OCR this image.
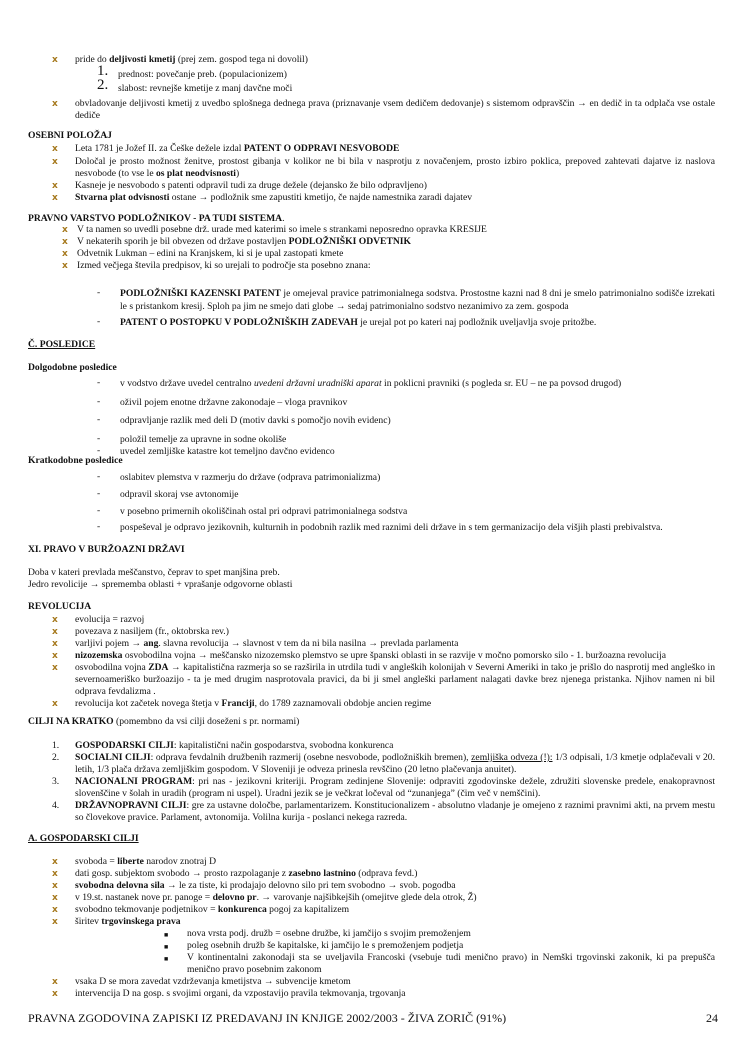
x pride do deljivosti kmetij (prej zem. gospod tega ni dovolil)
1. prednost: povečanje preb. (populacionizem)
2. slabost: revnejše kmetije z manj davčne moči
x obvladovanje deljivosti kmetij z uvedbo splošnega dednega prava (priznavanje vsem dedičem dedovanje) s sistemom odpravščin → en dedič in ta odplača vse ostale dediče
OSEBNI POLOŽAJ
x Leta 1781 je Jožef II. za Češke dežele izdal PATENT O ODPRAVI NESVOBODE
x Določal je prosto možnost ženitve, prostost gibanja v kolikor ne bi bila v nasprotju z novačenjem, prosto izbiro poklica, prepoved zahtevati dajatve iz naslova nesvobode (to vse le os plat neodvisnosti)
x Kasneje je nesvobodo s patenti odpravil tudi za druge dežele (dejansko že bilo odpravljeno)
x Stvarna plat odvisnosti ostane → podložnik sme zapustiti kmetijo, če najde namestnika zaradi dajatev
PRAVNO VARSTVO PODLOŽNIKOV - PA TUDI SISTEMA.
x V ta namen so uvedli posebne drž. urade med katerimi so imele s strankami neposredno opravka KRESIJE
x V nekaterih sporih je bil obvezen od države postavljen PODLOŽNIŠKI ODVETNIK
x Odvetnik Lukman – edini na Kranjskem, ki si je upal zastopati kmete
x Izmed večjega števila predpisov, ki so urejali to področje sta posebno znana:
- PODLOŽNIŠKI KAZENSKI PATENT je omejeval pravice patrimonialnega sodstva. Prostostne kazni nad 8 dni je smelo patrimonialno sodišče izrekati le s pristankom kresij. Sploh pa jim ne smejo dati globe → sedaj patrimonialno sodstvo nezanimivo za zem. gospoda
- PATENT O POSTOPKU V PODLOŽNIŠKIH ZADEVAH je urejal pot po kateri naj podložnik uveljavlja svoje pritožbe.
Č. POSLEDICE
Dolgodobne posledice
- v vodstvo države uvedel centralno uvedeni državni uradniški aparat in poklicni pravniki (s pogleda sr. EU – ne pa povsod drugod)
- oživil pojem enotne državne zakonodaje – vloga pravnikov
- odpravljanje razlik med deli D (motiv davki s pomočjo novih evidenc)
- položil temelje za upravne in sodne okoliše
- uvedel zemljiške katastre kot temeljno davčno evidenco
Kratkodobne posledice
- oslabitev plemstva v razmerju do države (odprava patrimonializma)
- odpravil skoraj vse avtonomije
- v posebno primernih okoliščinah ostal pri odpravi patrimonialnega sodstva
- pospeševal je odpravo jezikovnih, kulturnih in podobnih razlik med raznimi deli države in s tem germanizacijo dela višjih plasti prebivalstva.
XI. PRAVO V BURŽOAZNI DRŽAVI
Doba v kateri prevlada meščanstvo, čeprav to spet manjšina preb.
Jedro revolicije → sprememba oblasti + vprašanje odgovorne oblasti
REVOLUCIJA
x evolucija = razvoj
x povezava z nasiljem (fr., oktobrska rev.)
x varljivi pojem → ang. slavna revolucija → slavnost v tem da ni bila nasilna → prevlada parlamenta
x nizozemska osvobodilna vojna → meščansko nizozemsko plemstvo se upre španski oblasti in se razvije v močno pomorsko silo - 1. buržoazna revolucija
x osvobodilna vojna ZDA → kapitalistična razmerja so se razširila in utrdila tudi v angleških kolonijah v Severni Ameriki in tako je prišlo do nasprotij med angleško in severnoameriško buržoazijo - ta je med drugim nasprotovala pravici, da bi ji smel angleški parlament nalagati davke brez njenega pristanka. Njihov namen ni bil odprava fevdalizma .
x revolucija kot začetek novega štetja v Franciji, do 1789 zaznamovali obdobje ancien regime
CILJI NA KRATKO (pomembno da vsi cilji doseženi s pr. normami)
1. GOSPODARSKI CILJI: kapitalistični način gospodarstva, svobodna konkurenca
2. SOCIALNI CILJI: odprava fevdalnih družbenih razmerij (osebne nesvobode, podložniških bremen), zemljiška odveza (!): 1/3 odpisali, 1/3 kmetje odplačevali v 20. letih, 1/3 plača država zemljiškim gospodom. V Sloveniji je odveza prinesla revščino (20 letno plačevanja anuitet).
3. NACIONALNI PROGRAM: pri nas - jezikovni kriteriji. Program zedinjene Slovenije: odpraviti zgodovinske dežele, združiti slovenske predele, enakopravnost slovenščine v šolah in uradih (program ni uspel). Uradni jezik se je večkrat ločeval od “zunanjega” (čim več v nemščini).
4. DRŽAVNOPRAVNI CILJI: gre za ustavne določbe, parlamentarizem. Konstitucionalizem - absolutno vladanje je omejeno z raznimi pravnimi akti, na prvem mestu so človekove pravice. Parlament, avtonomija. Volilna kurija - poslanci nekega razreda.
A. GOSPODARSKI CILJI
x svoboda = liberte narodov znotraj D
x dati gosp. subjektom svobodo → prosto razpolaganje z zasebno lastnino (odprava fevd.)
x svobodna delovna sila → le za tiste, ki prodajajo delovno silo pri tem svobodno → svob. pogodba
x v 19.st. nastanek nove pr. panoge = delovno pr. → varovanje najšibkejših (omejitve glede dela otrok, Ž)
x svobodno tekmovanje podjetnikov = konkurenca pogoj za kapitalizem
x širitev trgovinskega prava
■ nova vrsta podj. družb = osebne družbe, ki jamčijo s svojim premoženjem
■ poleg osebnih družb še kapitalske, ki jamčijo le s premoženjem podjetja
■ V kontinentalni zakonodaji sta se uveljavila Francoski (vsebuje tudi menično pravo) in Nemški trgovinski zakonik, ki pa prepušča menično pravo posebnim zakonom
x vsaka D se mora zavedat vzdrževanja kmetijstva → subvencije kmetom
x intervencija D na gosp. s svojimi organi, da vzpostavijo pravila tekmovanja, trgovanja
PRAVNA ZGODOVINA ZAPISKI IZ PREDAVANJ IN KNJIGE 2002/2003 - ŽIVA ZORIČ (91%)	24
